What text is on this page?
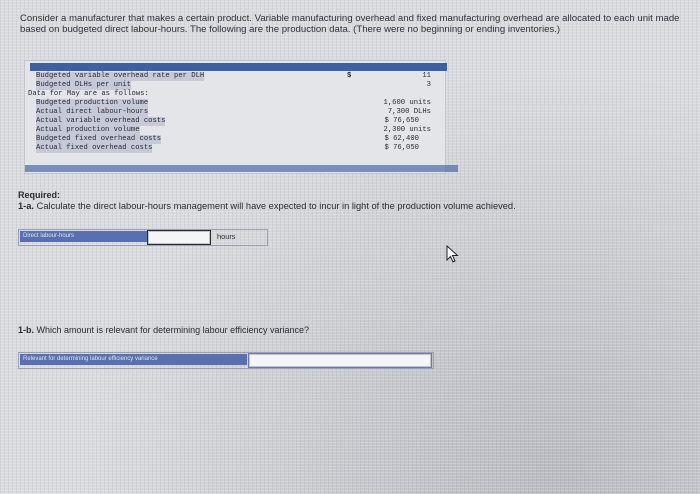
Consider a manufacturer that makes a certain product. Variable manufacturing overhead and fixed manufacturing overhead are allocated to each unit made based on budgeted direct labour-hours. The following are the production data. (There were no beginning or ending inventories.)
Budgeted variable overhead rate per DLH	$	11
Budgeted DLHs per unit	3
Data for May are as follows:
Budgeted production volume	1,600 units
Actual direct labour-hours	7,300 DLHs
Actual variable overhead costs	$ 76,650
Actual production volume	2,300 units
Budgeted fixed overhead costs	$ 62,400
Actual fixed overhead costs	$ 76,050
Required:
1-a. Calculate the direct labour-hours management will have expected to incur in light of the production volume achieved.
Direct labour-hours	hours
1-b. Which amount is relevant for determining labour efficiency variance?
Relevant for determining labour efficiency variance
